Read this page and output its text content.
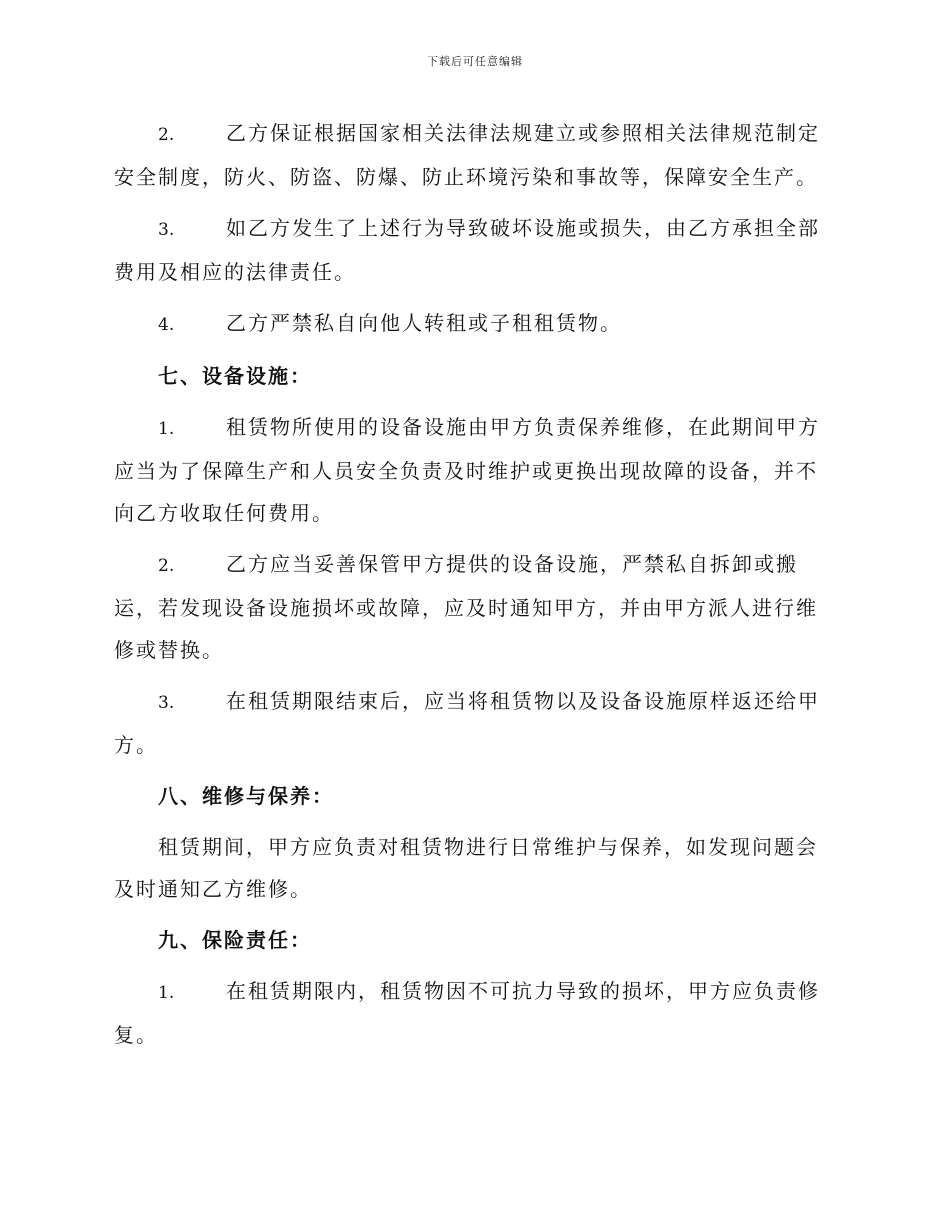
下载后可任意编辑

2.	乙方保证根据国家相关法律法规建立或参照相关法律规范制定安全制度，防火、防盗、防爆、防止环境污染和事故等，保障安全生产。

3.	如乙方发生了上述行为导致破坏设施或损失，由乙方承担全部费用及相应的法律责任。

4.	乙方严禁私自向他人转租或子租租赁物。

七、设备设施：

1.	租赁物所使用的设备设施由甲方负责保养维修，在此期间甲方应当为了保障生产和人员安全负责及时维护或更换出现故障的设备，并不向乙方收取任何费用。

2.	乙方应当妥善保管甲方提供的设备设施，严禁私自拆卸或搬运，若发现设备设施损坏或故障，应及时通知甲方，并由甲方派人进行维修或替换。

3.	在租赁期限结束后，应当将租赁物以及设备设施原样返还给甲方。

八、维修与保养：

租赁期间，甲方应负责对租赁物进行日常维护与保养，如发现问题会及时通知乙方维修。

九、保险责任：

1.	在租赁期限内，租赁物因不可抗力导致的损坏，甲方应负责修复。
